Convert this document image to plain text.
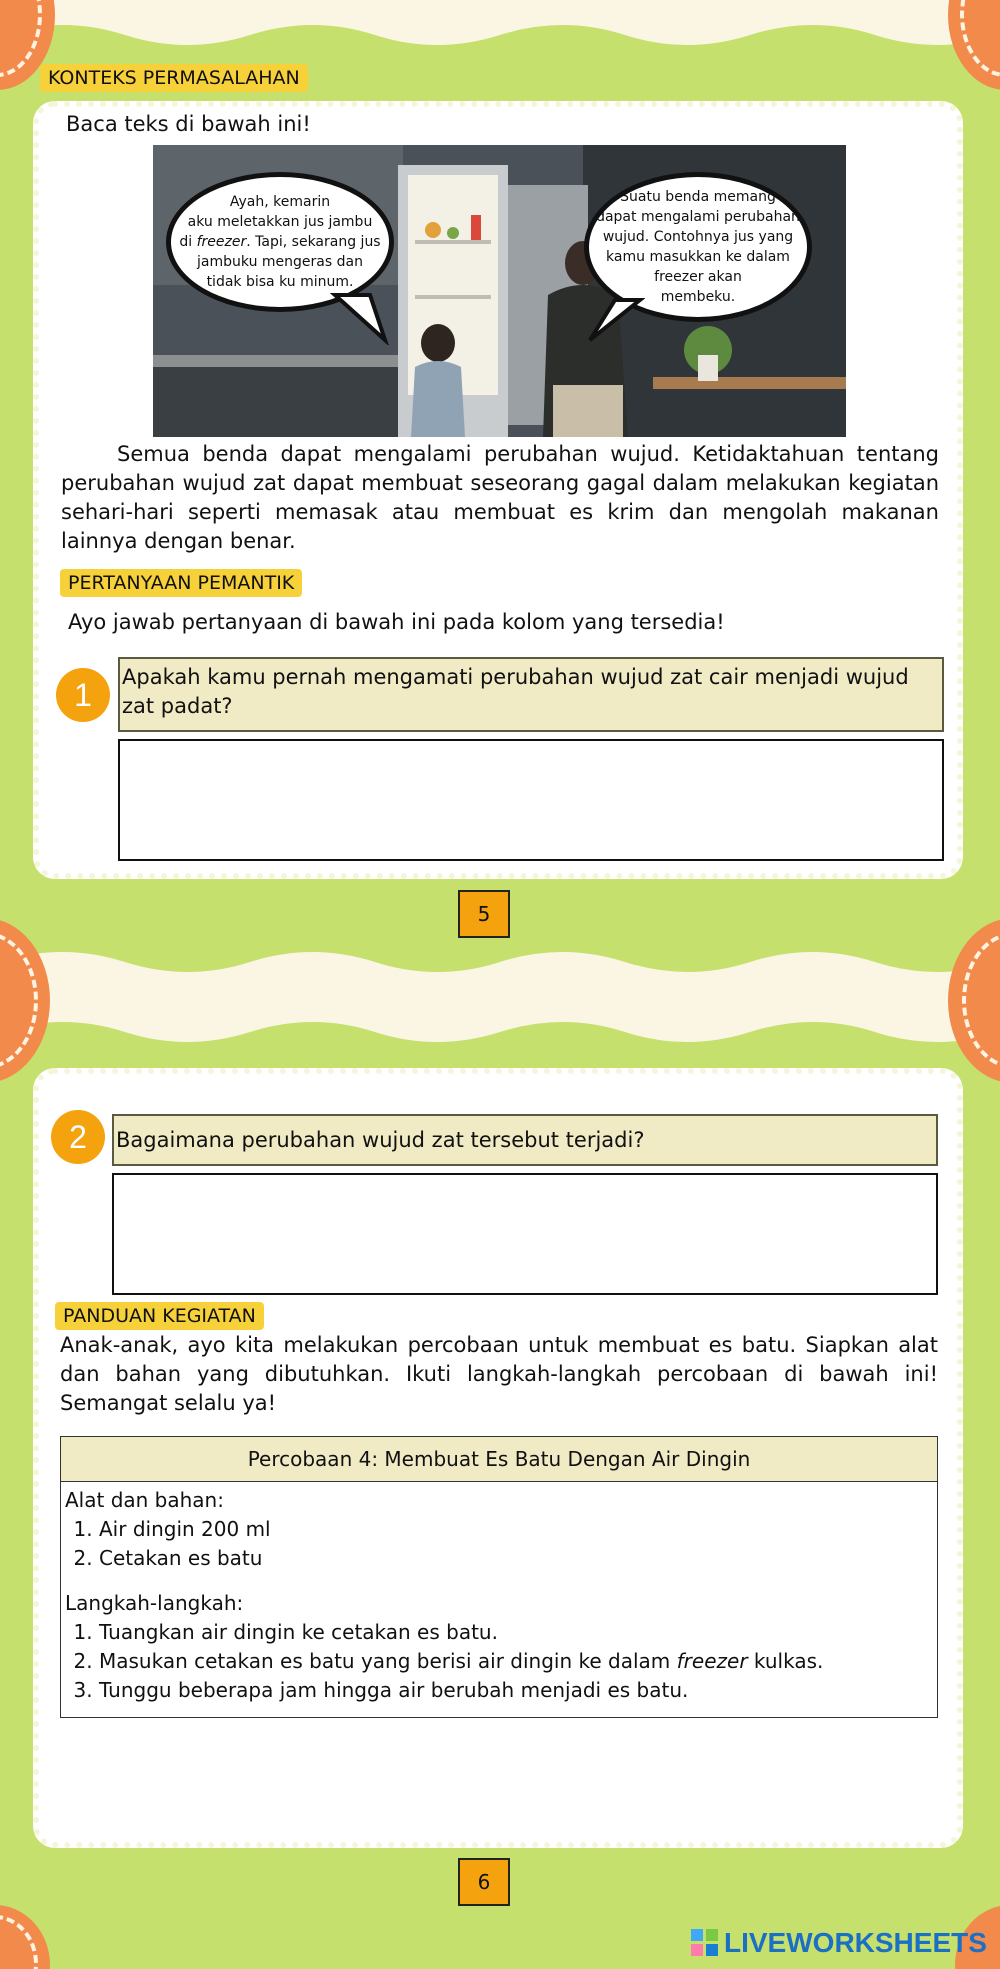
KONTEKS PERMASALAHAN
Baca teks di bawah ini!
Ayah, kemarin
aku meletakkan jus jambu
di freezer. Tapi, sekarang jus
jambuku mengeras dan
tidak bisa ku minum.
Suatu benda memang
dapat mengalami perubahan
wujud. Contohnya jus yang
kamu masukkan ke dalam
freezer akan
membeku.
Semua benda dapat mengalami perubahan wujud. Ketidaktahuan tentang perubahan wujud zat dapat membuat seseorang gagal dalam melakukan kegiatan sehari-hari seperti memasak atau membuat es krim dan mengolah makanan lainnya dengan benar.
PERTANYAAN PEMANTIK
Ayo jawab pertanyaan di bawah ini pada kolom yang tersedia!
1	Apakah kamu pernah mengamati perubahan wujud zat cair menjadi wujud zat padat?
5
2	Bagaimana perubahan wujud zat tersebut terjadi?
PANDUAN KEGIATAN
Anak-anak, ayo kita melakukan percobaan untuk membuat es batu. Siapkan alat dan bahan yang dibutuhkan. Ikuti langkah-langkah percobaan di bawah ini! Semangat selalu ya!
Percobaan 4: Membuat Es Batu Dengan Air Dingin
Alat dan bahan:
1. Air dingin 200 ml
2. Cetakan es batu
Langkah-langkah:
1. Tuangkan air dingin ke cetakan es batu.
2. Masukan cetakan es batu yang berisi air dingin ke dalam freezer kulkas.
3. Tunggu beberapa jam hingga air berubah menjadi es batu.
6
LIVEWORKSHEETS
